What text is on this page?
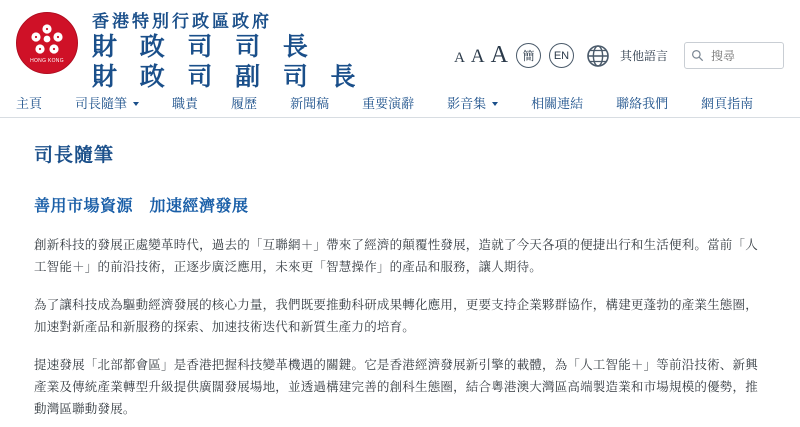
HONG KONG
香港特別行政區政府
財 政 司 司 長
財 政 司 副 司 長
A A A	簡	EN	其他語言
搜尋
主頁	司長隨筆	職責	履歷	新聞稿	重要演辭	影音集	相關連結	聯絡我們	網頁指南
司長隨筆
善用市場資源　加速經濟發展

創新科技的發展正處變革時代，過去的「互聯網＋」帶來了經濟的顛覆性發展，造就了今天各項的便捷出行和生活便利。當前「人工智能＋」的前沿技術，正逐步廣泛應用，未來更「智慧操作」的產品和服務，讓人期待。

為了讓科技成為驅動經濟發展的核心力量，我們既要推動科研成果轉化應用，更要支持企業夥群協作，構建更蓬勃的產業生態圈，加速對新產品和新服務的探索、加速技術迭代和新質生產力的培育。

提速發展「北部都會區」是香港把握科技變革機遇的關鍵。它是香港經濟發展新引擎的載體，為「人工智能＋」等前沿技術、新興產業及傳統產業轉型升級提供廣闊發展場地，並透過構建完善的創科生態圈，結合粵港澳大灣區高端製造業和市場規模的優勢，推動灣區聯動發展。
